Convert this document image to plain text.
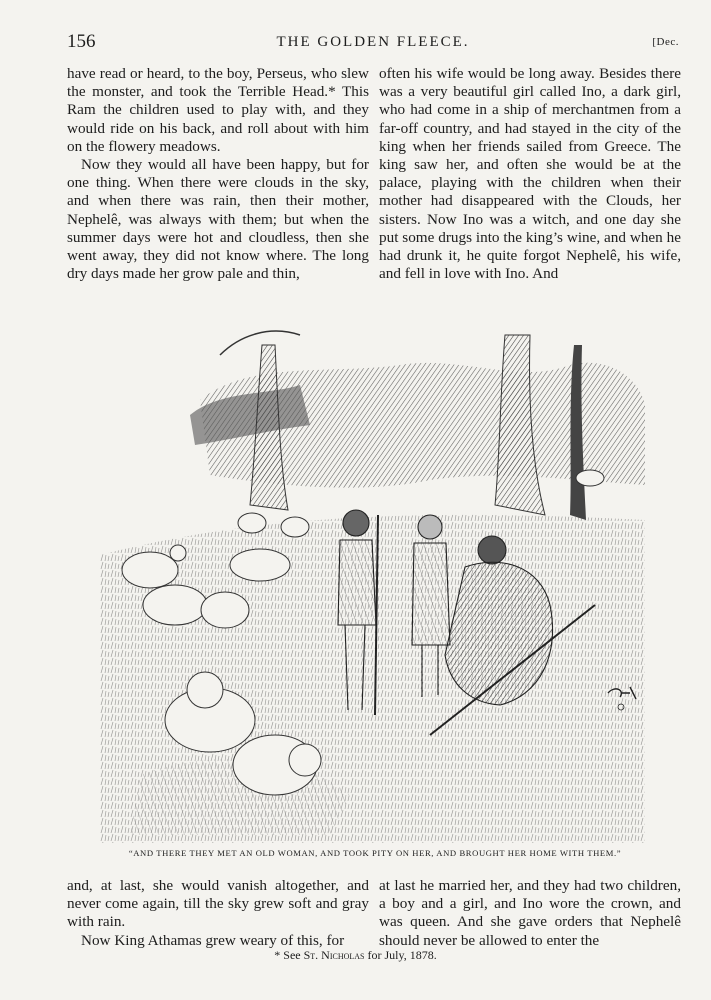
156	THE GOLDEN FLEECE.	[Dec.

have read or heard, to the boy, Perseus, who slew the monster, and took the Terrible Head.* This Ram the children used to play with, and they would ride on his back, and roll about with him on the flowery meadows.

Now they would all have been happy, but for one thing. When there were clouds in the sky, and when there was rain, then their mother, Nephelê, was always with them; but when the summer days were hot and cloudless, then she went away, they did not know where. The long dry days made her grow pale and thin,

often his wife would be long away. Besides there was a very beautiful girl called Ino, a dark girl, who had come in a ship of merchantmen from a far-off country, and had stayed in the city of the king when her friends sailed from Greece. The king saw her, and often she would be at the palace, playing with the children when their mother had disappeared with the Clouds, her sisters. Now Ino was a witch, and one day she put some drugs into the king’s wine, and when he had drunk it, he quite forgot Nephelê, his wife, and fell in love with Ino. And

“AND THERE THEY MET AN OLD WOMAN, AND TOOK PITY ON HER, AND BROUGHT HER HOME WITH THEM.”

and, at last, she would vanish altogether, and never come again, till the sky grew soft and gray with rain.

Now King Athamas grew weary of this, for

at last he married her, and they had two children, a boy and a girl, and Ino wore the crown, and was queen. And she gave orders that Nephelê should never be allowed to enter the

* See St. Nicholas for July, 1878.
